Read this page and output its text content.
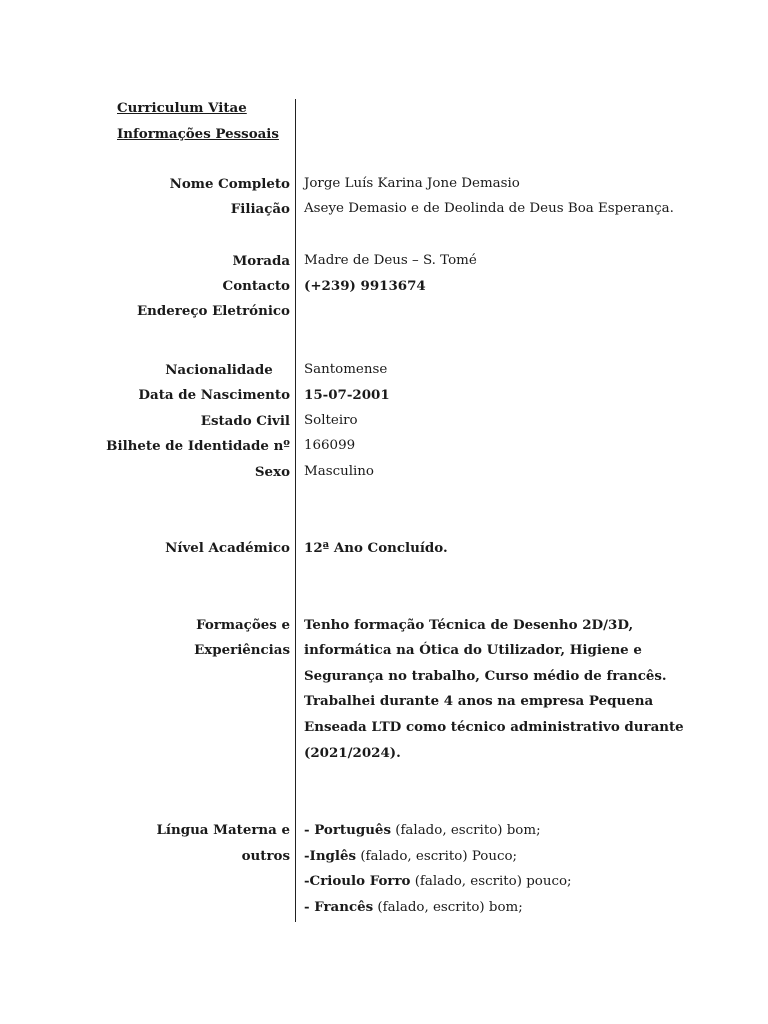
Curriculum Vitae
Informações Pessoais
Nome Completo Jorge Luís Karina Jone Demasio
Filiação Aseye Demasio e de Deolinda de Deus Boa Esperança.
Morada Madre de Deus – S. Tomé
Contacto (+239) 9913674
Endereço Eletrónico
Nacionalidade	Santomense
Data de Nascimento 15-07-2001
Estado Civil Solteiro
Bilhete de Identidade nº 166099
Sexo Masculino
Nível Académico 12ª Ano Concluído.
Formações e
Experiências
Tenho formação Técnica de Desenho 2D/3D,
informática na Ótica do Utilizador, Higiene e
Segurança no trabalho, Curso médio de francês.
Trabalhei durante 4 anos na empresa Pequena
Enseada LTD como técnico administrativo durante
(2021/2024).
Língua Materna e
outros
- Português (falado, escrito) bom;
-Inglês (falado, escrito) Pouco;
-Crioulo Forro (falado, escrito) pouco;
- Francês (falado, escrito) bom;
